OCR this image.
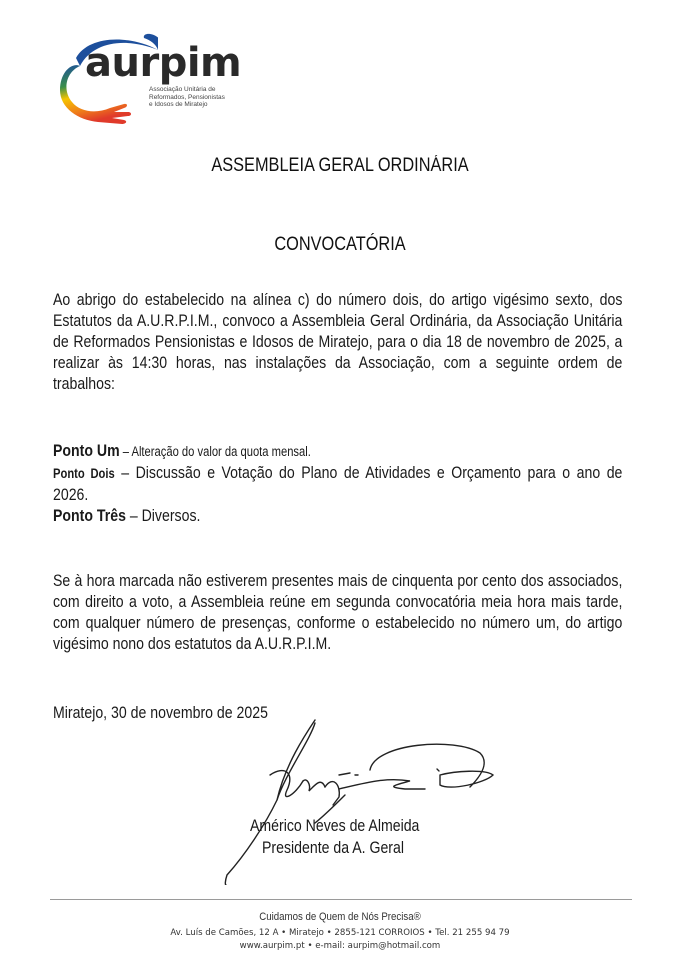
aurpim
Associação Unitária de
Reformados, Pensionistas
e Idosos de Miratejo
ASSEMBLEIA GERAL ORDINÁRIA
CONVOCATÓRIA
Ao abrigo do estabelecido na alínea c) do número dois, do artigo vigésimo sexto, dos Estatutos da A.U.R.P.I.M., convoco a Assembleia Geral Ordinária, da Associação Unitária de Reformados Pensionistas e Idosos de Miratejo, para o dia 18 de novembro de 2025, a realizar às 14:30 horas, nas instalações da Associação, com a seguinte ordem de trabalhos:
Ponto Um – Alteração do valor da quota mensal.
Ponto Dois – Discussão e Votação do Plano de Atividades e Orçamento para o ano de 2026.
Ponto Três – Diversos.
Se à hora marcada não estiverem presentes mais de cinquenta por cento dos associados, com direito a voto, a Assembleia reúne em segunda convocatória meia hora mais tarde, com qualquer número de presenças, conforme o estabelecido no número um, do artigo vigésimo nono dos estatutos da A.U.R.P.I.M.
Miratejo, 30 de novembro de 2025
Américo Neves de Almeida
Presidente da A. Geral
Cuidamos de Quem de Nós Precisa®
Av. Luís de Camões, 12 A • Miratejo • 2855-121 CORROIOS • Tel. 21 255 94 79
www.aurpim.pt • e-mail: aurpim@hotmail.com
